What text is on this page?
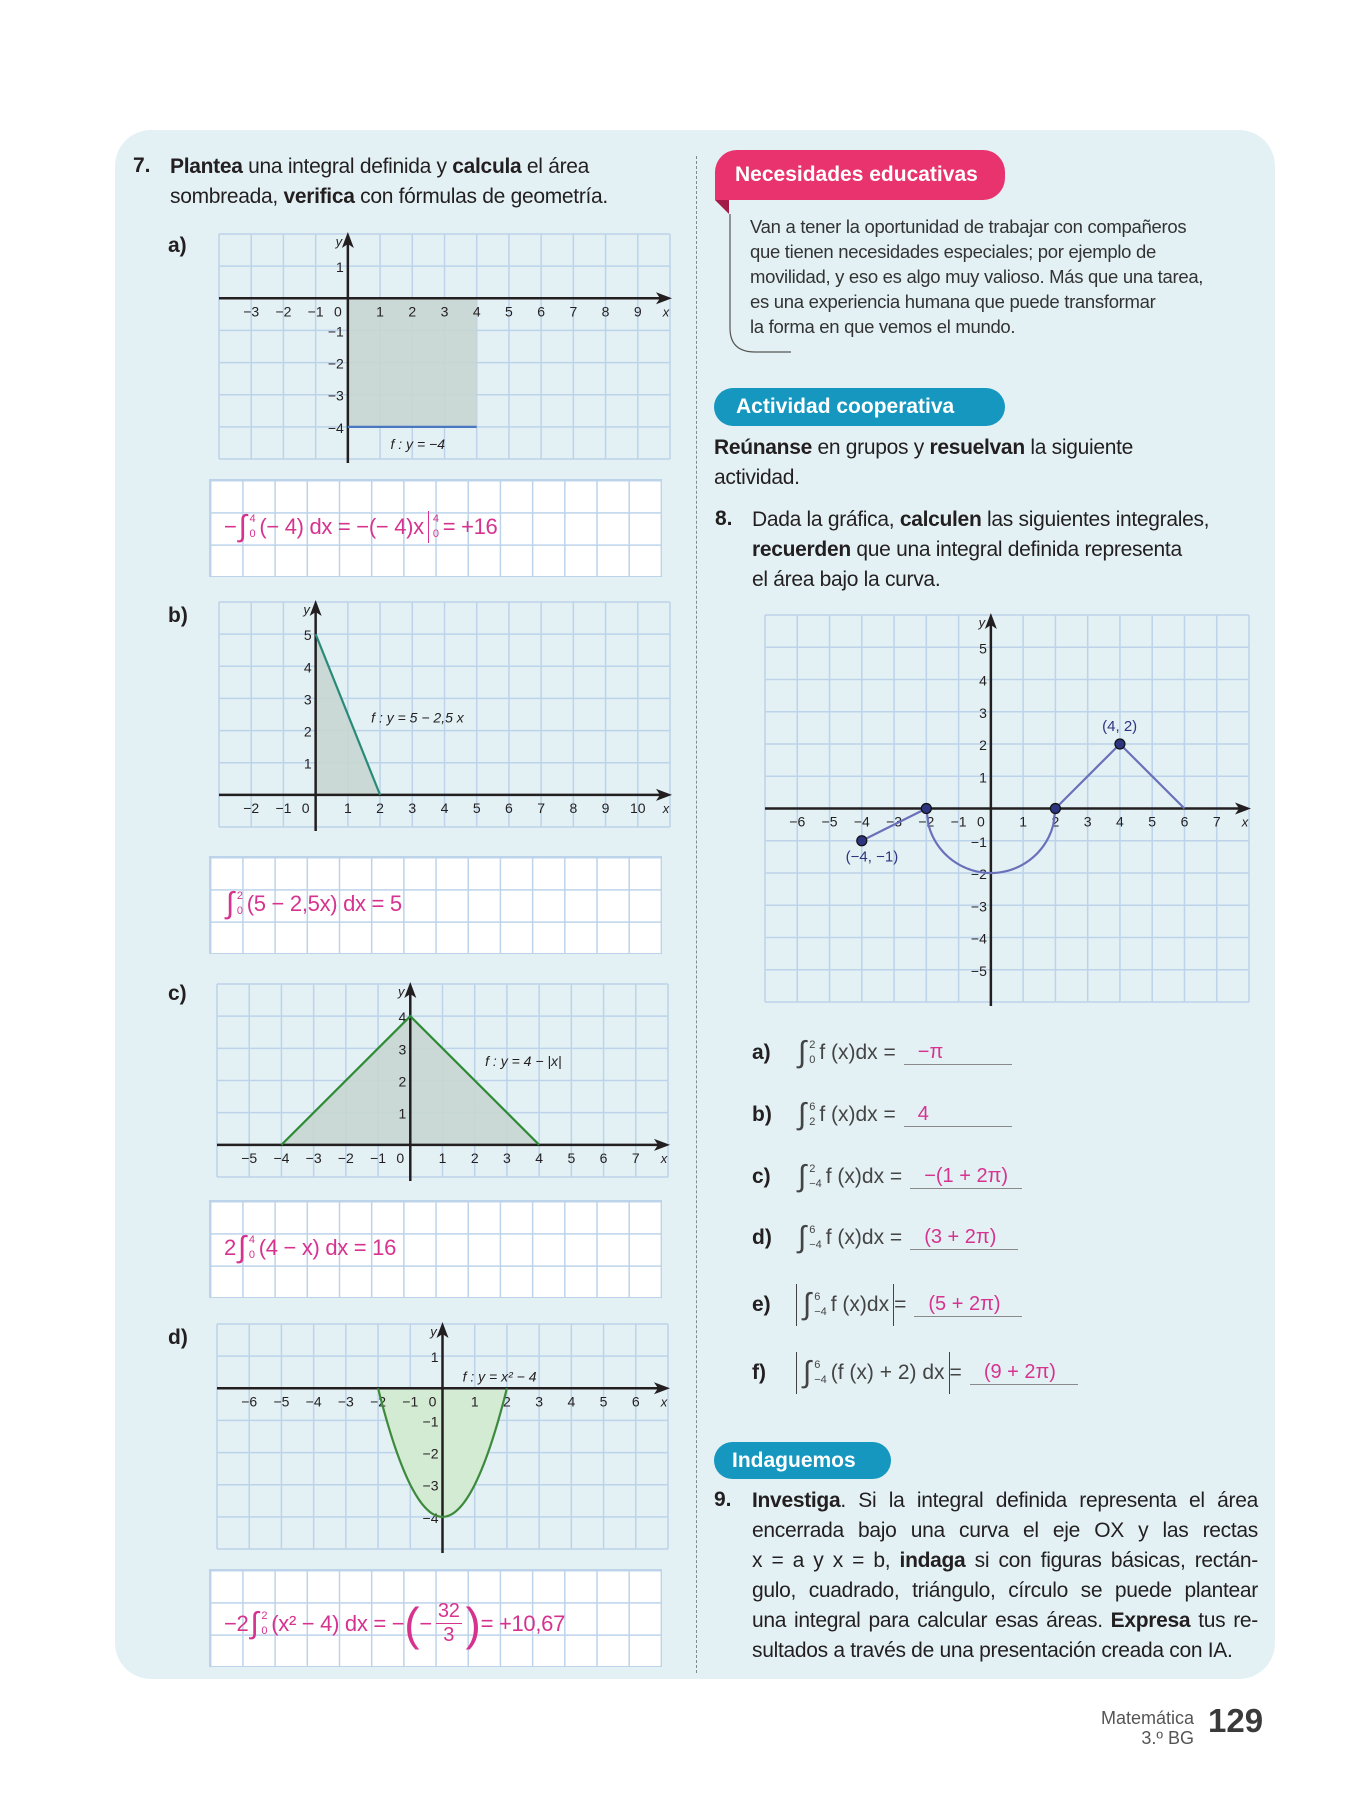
7. Plantea una integral definida y calcula el área
sombreada, verifica con fórmulas de geometría.
a)
x
y
−3 −2 −1 0 1 2 3 4 5 6 7 8 9
1
−1
−2
−3
−4
f : y = −4
− ∫ 4
0 (− 4) dx = −(− 4)x 4
0 = +16
b)
x
y
−2 −1 0 1 2 3 4 5 6 7 8 9 10
5
4
3
2
1
f : y = 5 − 2,5 x
∫ 2
0 (5 − 2,5x) dx = 5
c)
x
y
−5 −4 −3 −2 −1 0 1 2 3 4 5 6 7
4
3
2
1
f : y = 4 − |x|
2 ∫ 4
0 (4 − x) dx = 16
d)
x
y
−6 −5 −4 −3 −2 −1 0 1 2 3 4 5 6
1
−1
−2
−3
−4
f : y = x² − 4
−2 ∫ 2
0 (x² − 4) dx = − ( − $\frac{32}{3}$ ) = +10,67
Necesidades educativas
Van a tener la oportunidad de trabajar con compañeros
que tienen necesidades especiales; por ejemplo de
movilidad, y eso es algo muy valioso. Más que una tarea,
es una experiencia humana que puede transformar
la forma en que vemos el mundo.
Actividad cooperativa
Reúnanse en grupos y resuelvan la siguiente
actividad.
8. Dada la gráfica, calculen las siguientes integrales,
recuerden que una integral definida representa
el área bajo la curva.
x
y
−6 −5 −4 −3 −2 −1 0 1 2 3 4 5 6 7
5
4
3
2
1
−1
−2
−3
−4
−5
(−4, −1)
(4, 2)
a) ∫ 2
0 f (x)dx =	−π
b) ∫ 6
2 f (x)dx =	4
c) ∫ 2
−4 f (x)dx =	−(1 + 2π)
d) ∫ 6
−4 f (x)dx =	(3 + 2π)
e)	∫ 6
−4 f (x)dx =	(5 + 2π)
f)	∫ 6
−4 (f (x) + 2) dx =	(9 + 2π)
Indaguemos
9. Investiga. Si la integral definida representa el área
encerrada bajo una curva el eje OX y las rectas
x = a y x = b, indaga si con figuras básicas, rectán-
gulo, cuadrado, triángulo, círculo se puede plantear
una integral para calcular esas áreas. Expresa tus re-
sultados a través de una presentación creada con IA.
Matemática
3.º BG 129
